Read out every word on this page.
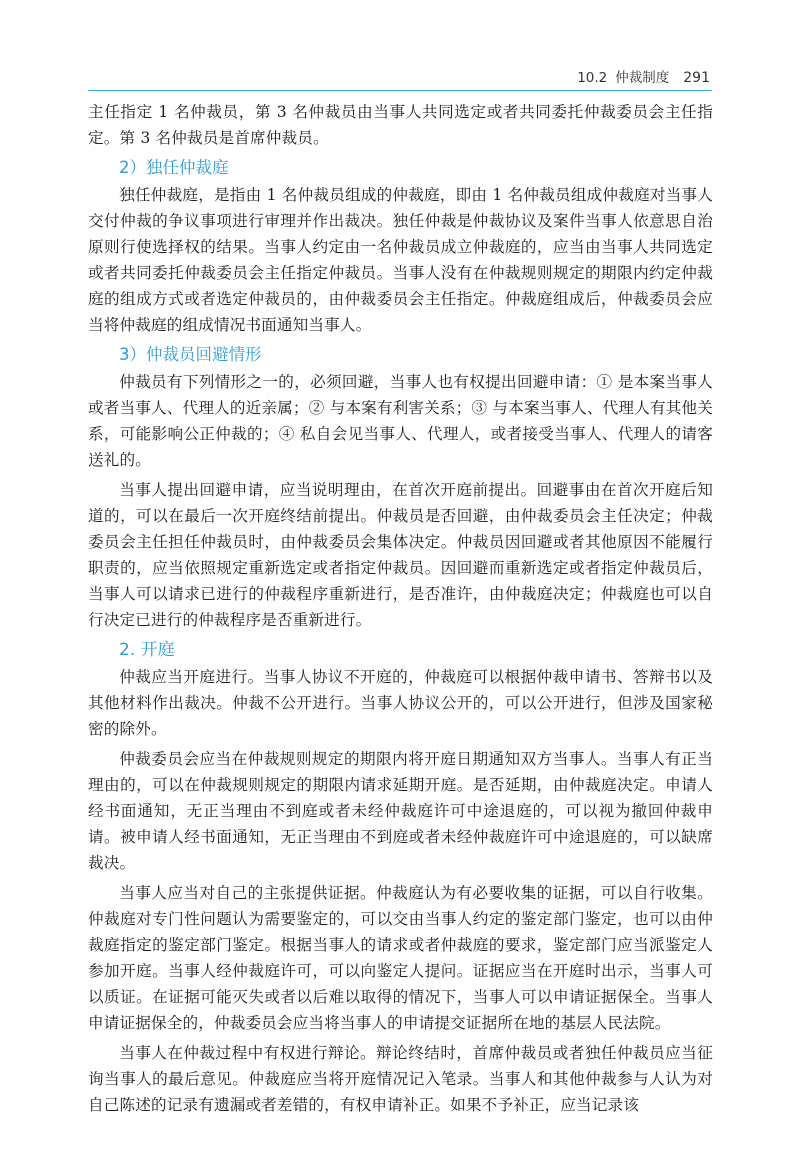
10.2 仲裁制度 291

主任指定 1 名仲裁员，第 3 名仲裁员由当事人共同选定或者共同委托仲裁委员会主任指定。第 3 名仲裁员是首席仲裁员。

2）独任仲裁庭

独任仲裁庭，是指由 1 名仲裁员组成的仲裁庭，即由 1 名仲裁员组成仲裁庭对当事人交付仲裁的争议事项进行审理并作出裁决。独任仲裁是仲裁协议及案件当事人依意思自治原则行使选择权的结果。当事人约定由一名仲裁员成立仲裁庭的，应当由当事人共同选定或者共同委托仲裁委员会主任指定仲裁员。当事人没有在仲裁规则规定的期限内约定仲裁庭的组成方式或者选定仲裁员的，由仲裁委员会主任指定。仲裁庭组成后，仲裁委员会应当将仲裁庭的组成情况书面通知当事人。

3）仲裁员回避情形

仲裁员有下列情形之一的，必须回避，当事人也有权提出回避申请：① 是本案当事人或者当事人、代理人的近亲属；② 与本案有利害关系；③ 与本案当事人、代理人有其他关系，可能影响公正仲裁的；④ 私自会见当事人、代理人，或者接受当事人、代理人的请客送礼的。

当事人提出回避申请，应当说明理由，在首次开庭前提出。回避事由在首次开庭后知道的，可以在最后一次开庭终结前提出。仲裁员是否回避，由仲裁委员会主任决定；仲裁委员会主任担任仲裁员时，由仲裁委员会集体决定。仲裁员因回避或者其他原因不能履行职责的，应当依照规定重新选定或者指定仲裁员。因回避而重新选定或者指定仲裁员后，当事人可以请求已进行的仲裁程序重新进行，是否准许，由仲裁庭决定；仲裁庭也可以自行决定已进行的仲裁程序是否重新进行。

2. 开庭

仲裁应当开庭进行。当事人协议不开庭的，仲裁庭可以根据仲裁申请书、答辩书以及其他材料作出裁决。仲裁不公开进行。当事人协议公开的，可以公开进行，但涉及国家秘密的除外。

仲裁委员会应当在仲裁规则规定的期限内将开庭日期通知双方当事人。当事人有正当理由的，可以在仲裁规则规定的期限内请求延期开庭。是否延期，由仲裁庭决定。申请人经书面通知，无正当理由不到庭或者未经仲裁庭许可中途退庭的，可以视为撤回仲裁申请。被申请人经书面通知，无正当理由不到庭或者未经仲裁庭许可中途退庭的，可以缺席裁决。

当事人应当对自己的主张提供证据。仲裁庭认为有必要收集的证据，可以自行收集。仲裁庭对专门性问题认为需要鉴定的，可以交由当事人约定的鉴定部门鉴定，也可以由仲裁庭指定的鉴定部门鉴定。根据当事人的请求或者仲裁庭的要求，鉴定部门应当派鉴定人参加开庭。当事人经仲裁庭许可，可以向鉴定人提问。证据应当在开庭时出示，当事人可以质证。在证据可能灭失或者以后难以取得的情况下，当事人可以申请证据保全。当事人申请证据保全的，仲裁委员会应当将当事人的申请提交证据所在地的基层人民法院。

当事人在仲裁过程中有权进行辩论。辩论终结时，首席仲裁员或者独任仲裁员应当征询当事人的最后意见。仲裁庭应当将开庭情况记入笔录。当事人和其他仲裁参与人认为对自己陈述的记录有遗漏或者差错的，有权申请补正。如果不予补正，应当记录该
